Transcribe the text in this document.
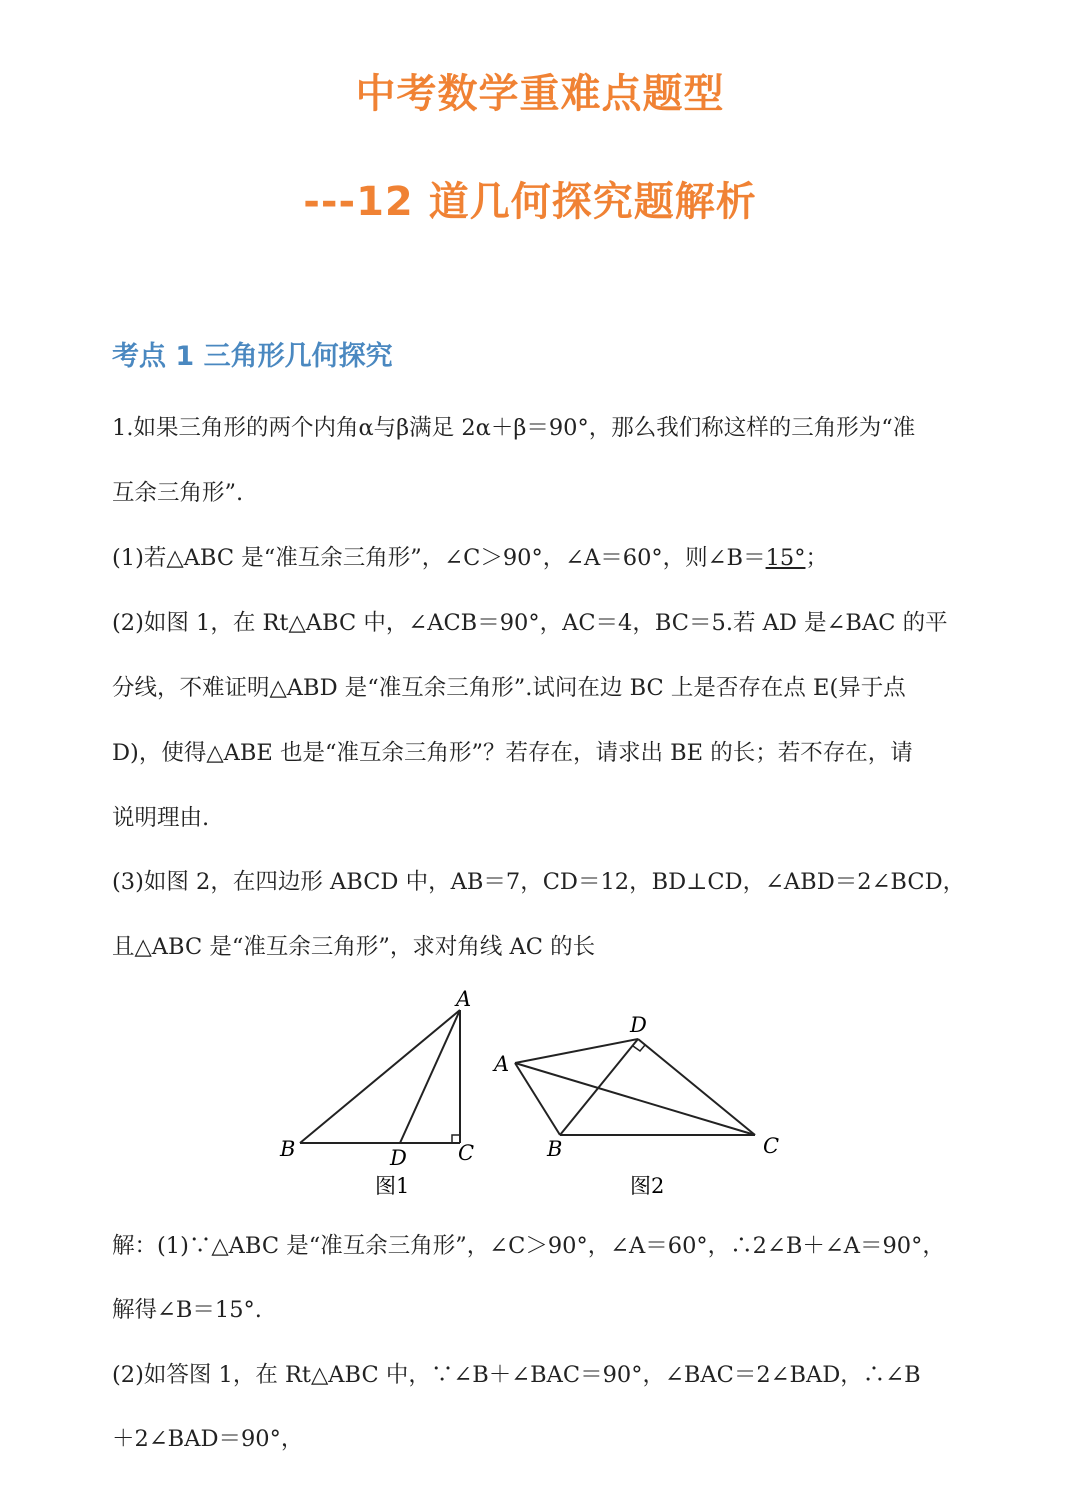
中考数学重难点题型
---12 道几何探究题解析
考点 1 三角形几何探究
1.如果三角形的两个内角α与β满足 2α＋β＝90°，那么我们称这样的三角形为“准
互余三角形”.
(1)若△ABC 是“准互余三角形”，∠C＞90°，∠A＝60°，则∠B＝15°；
(2)如图 1，在 Rt△ABC 中，∠ACB＝90°，AC＝4，BC＝5.若 AD 是∠BAC 的平
分线，不难证明△ABD 是“准互余三角形”.试问在边 BC 上是否存在点 E(异于点
D)，使得△ABE 也是“准互余三角形”？若存在，请求出 BE 的长；若不存在，请
说明理由.
(3)如图 2，在四边形 ABCD 中，AB＝7，CD＝12，BD⊥CD，∠ABD＝2∠BCD，
且△ABC 是“准互余三角形”，求对角线 AC 的长
A
B	D C
图1
A
D
B	C
图2
解：(1)∵△ABC 是“准互余三角形”，∠C＞90°，∠A＝60°，∴2∠B＋∠A＝90°，
解得∠B＝15°.
(2)如答图 1，在 Rt△ABC 中，∵∠B＋∠BAC＝90°，∠BAC＝2∠BAD，∴∠B
＋2∠BAD＝90°，
